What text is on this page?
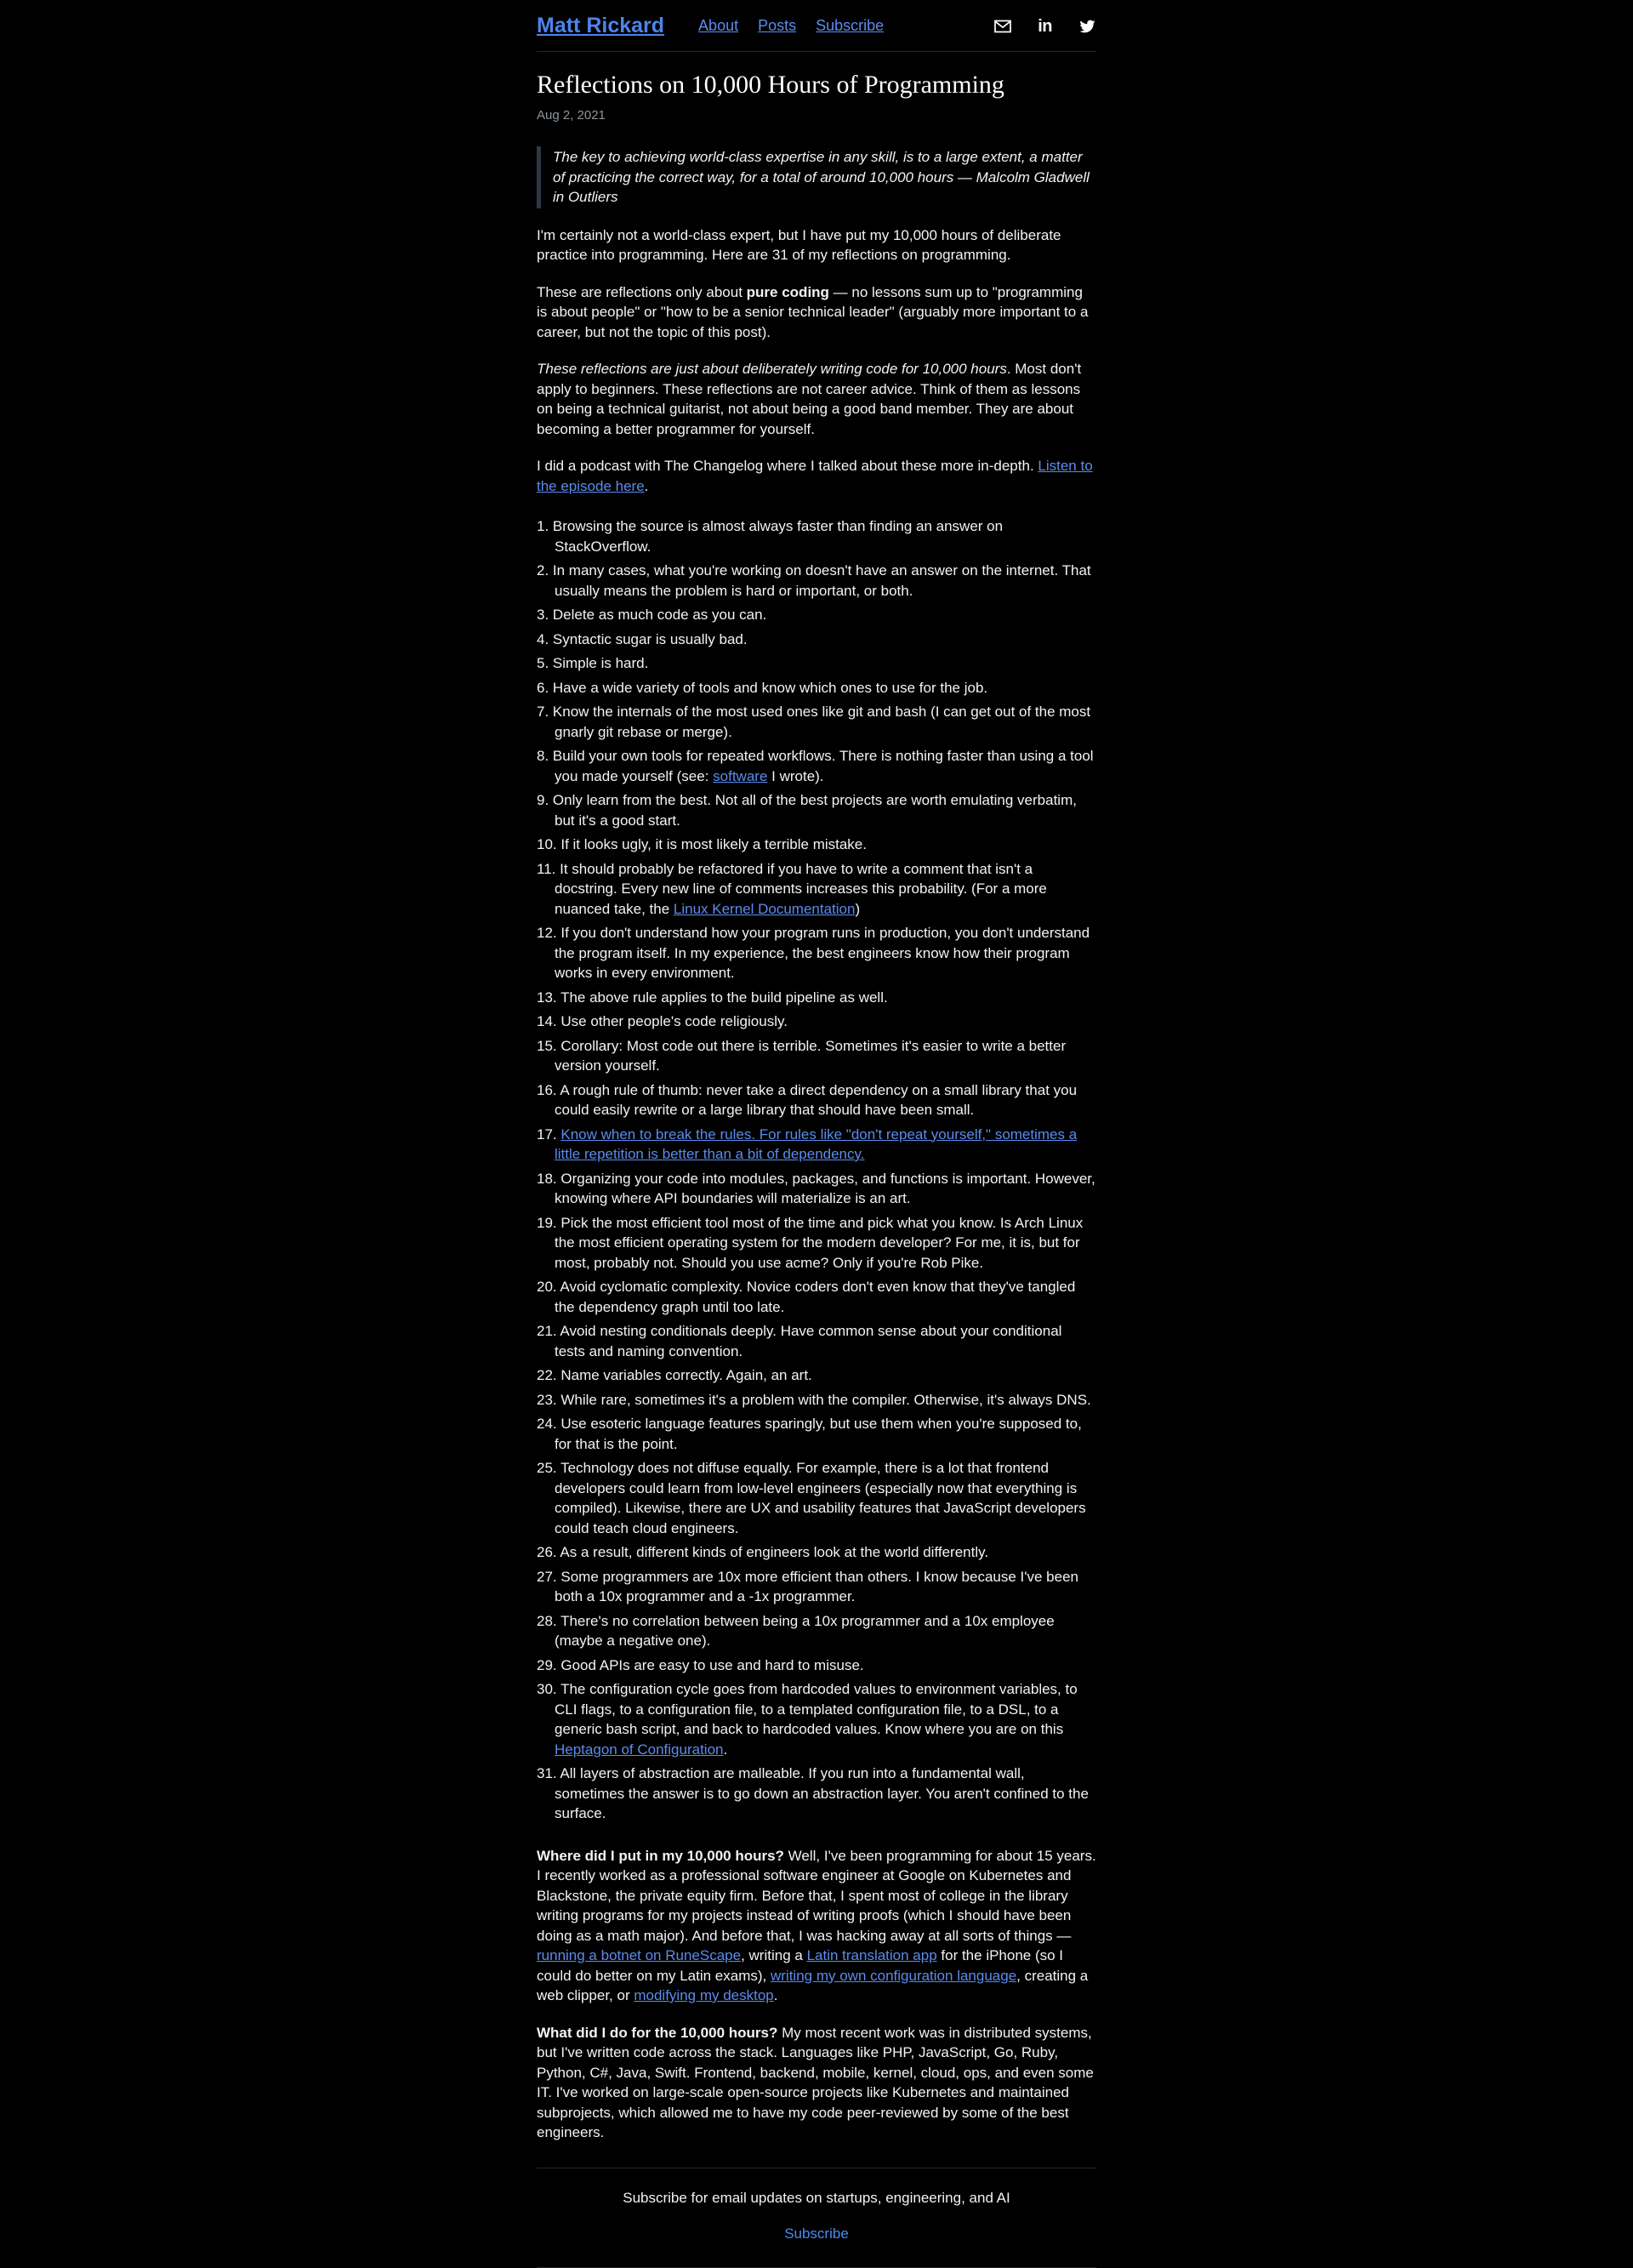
Matt Rickard About Posts Subscribe	in
Reflections on 10,000 Hours of Programming
Aug 2, 2021

The key to achieving world-class expertise in any skill, is to a large extent, a matter of practicing the correct way, for a total of around 10,000 hours — Malcolm Gladwell in Outliers

I'm certainly not a world-class expert, but I have put my 10,000 hours of deliberate practice into programming. Here are 31 of my reflections on programming.

These are reflections only about pure coding — no lessons sum up to "programming is about people" or "how to be a senior technical leader" (arguably more important to a career, but not the topic of this post).

These reflections are just about deliberately writing code for 10,000 hours. Most don't apply to beginners. These reflections are not career advice. Think of them as lessons on being a technical guitarist, not about being a good band member. They are about becoming a better programmer for yourself.

I did a podcast with The Changelog where I talked about these more in-depth. Listen to the episode here.

1. Browsing the source is almost always faster than finding an answer on StackOverflow.
2. In many cases, what you're working on doesn't have an answer on the internet. That usually means the problem is hard or important, or both.
3. Delete as much code as you can.
4. Syntactic sugar is usually bad.
5. Simple is hard.
6. Have a wide variety of tools and know which ones to use for the job.
7. Know the internals of the most used ones like git and bash (I can get out of the most gnarly git rebase or merge).
8. Build your own tools for repeated workflows. There is nothing faster than using a tool you made yourself (see: software I wrote).
9. Only learn from the best. Not all of the best projects are worth emulating verbatim, but it's a good start.
10. If it looks ugly, it is most likely a terrible mistake.
11. It should probably be refactored if you have to write a comment that isn't a docstring. Every new line of comments increases this probability. (For a more nuanced take, the Linux Kernel Documentation)
12. If you don't understand how your program runs in production, you don't understand the program itself. In my experience, the best engineers know how their program works in every environment.
13. The above rule applies to the build pipeline as well.
14. Use other people's code religiously.
15. Corollary: Most code out there is terrible. Sometimes it's easier to write a better version yourself.
16. A rough rule of thumb: never take a direct dependency on a small library that you could easily rewrite or a large library that should have been small.
17. Know when to break the rules. For rules like "don't repeat yourself," sometimes a little repetition is better than a bit of dependency.
18. Organizing your code into modules, packages, and functions is important. However, knowing where API boundaries will materialize is an art.
19. Pick the most efficient tool most of the time and pick what you know. Is Arch Linux the most efficient operating system for the modern developer? For me, it is, but for most, probably not. Should you use acme? Only if you're Rob Pike.
20. Avoid cyclomatic complexity. Novice coders don't even know that they've tangled the dependency graph until too late.
21. Avoid nesting conditionals deeply. Have common sense about your conditional tests and naming convention.
22. Name variables correctly. Again, an art.
23. While rare, sometimes it's a problem with the compiler. Otherwise, it's always DNS.
24. Use esoteric language features sparingly, but use them when you're supposed to, for that is the point.
25. Technology does not diffuse equally. For example, there is a lot that frontend developers could learn from low-level engineers (especially now that everything is compiled). Likewise, there are UX and usability features that JavaScript developers could teach cloud engineers.
26. As a result, different kinds of engineers look at the world differently.
27. Some programmers are 10x more efficient than others. I know because I've been both a 10x programmer and a -1x programmer.
28. There's no correlation between being a 10x programmer and a 10x employee (maybe a negative one).
29. Good APIs are easy to use and hard to misuse.
30. The configuration cycle goes from hardcoded values to environment variables, to CLI flags, to a configuration file, to a templated configuration file, to a DSL, to a generic bash script, and back to hardcoded values. Know where you are on this Heptagon of Configuration.
31. All layers of abstraction are malleable. If you run into a fundamental wall, sometimes the answer is to go down an abstraction layer. You aren't confined to the surface.

Where did I put in my 10,000 hours? Well, I've been programming for about 15 years. I recently worked as a professional software engineer at Google on Kubernetes and Blackstone, the private equity firm. Before that, I spent most of college in the library writing programs for my projects instead of writing proofs (which I should have been doing as a math major). And before that, I was hacking away at all sorts of things — running a botnet on RuneScape, writing a Latin translation app for the iPhone (so I could do better on my Latin exams), writing my own configuration language, creating a web clipper, or modifying my desktop.

What did I do for the 10,000 hours? My most recent work was in distributed systems, but I've written code across the stack. Languages like PHP, JavaScript, Go, Ruby, Python, C#, Java, Swift. Frontend, backend, mobile, kernel, cloud, ops, and even some IT. I've worked on large-scale open-source projects like Kubernetes and maintained subprojects, which allowed me to have my code peer-reviewed by some of the best engineers.

Subscribe for email updates on startups, engineering, and AI

Subscribe
